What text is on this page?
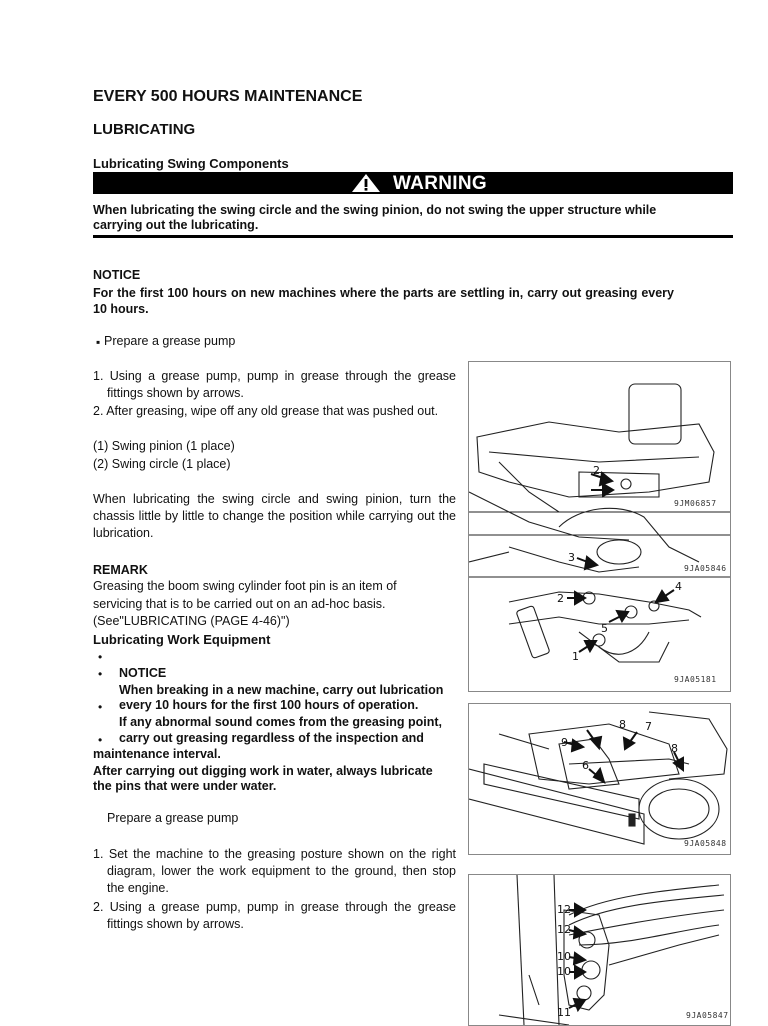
EVERY 500 HOURS MAINTENANCE
LUBRICATING
Lubricating Swing Components
WARNING
When lubricating the swing circle and the swing pinion, do not swing the upper structure while carrying out the lubricating.
NOTICE
For the first 100 hours on new machines where the parts are settling in, carry out greasing every 10 hours.
▪ Prepare a grease pump
1. Using a grease pump, pump in grease through the grease fittings shown by arrows.
2. After greasing, wipe off any old grease that was pushed out.
(1) Swing pinion (1 place)
(2) Swing circle (1 place)
When lubricating the swing circle and swing pinion, turn the chassis little by little to change the position while carrying out the lubrication.
REMARK
Greasing the boom swing cylinder foot pin is an item of
servicing that is to be carried out on an ad-hoc basis.
(See"LUBRICATING (PAGE 4-46)")
Lubricating Work Equipment
•
• NOTICE
When breaking in a new machine, carry out lubrication
• every 10 hours for the first 100 hours of operation.
If any abnormal sound comes from the greasing point,
• carry out greasing regardless of the inspection and
maintenance interval.
After carrying out digging work in water, always lubricate
the pins that were under water.
Prepare a grease pump
1. Set the machine to the greasing posture shown on the right diagram, lower the work equipment to the ground, then stop the engine.
2. Using a grease pump, pump in grease through the grease fittings shown by arrows.
2
3
2
4
5
1
9JM06857
9JA05846
9JA05181
8 7
9	8
6
9JA05848
12
12
10
10
11	9JA05847
